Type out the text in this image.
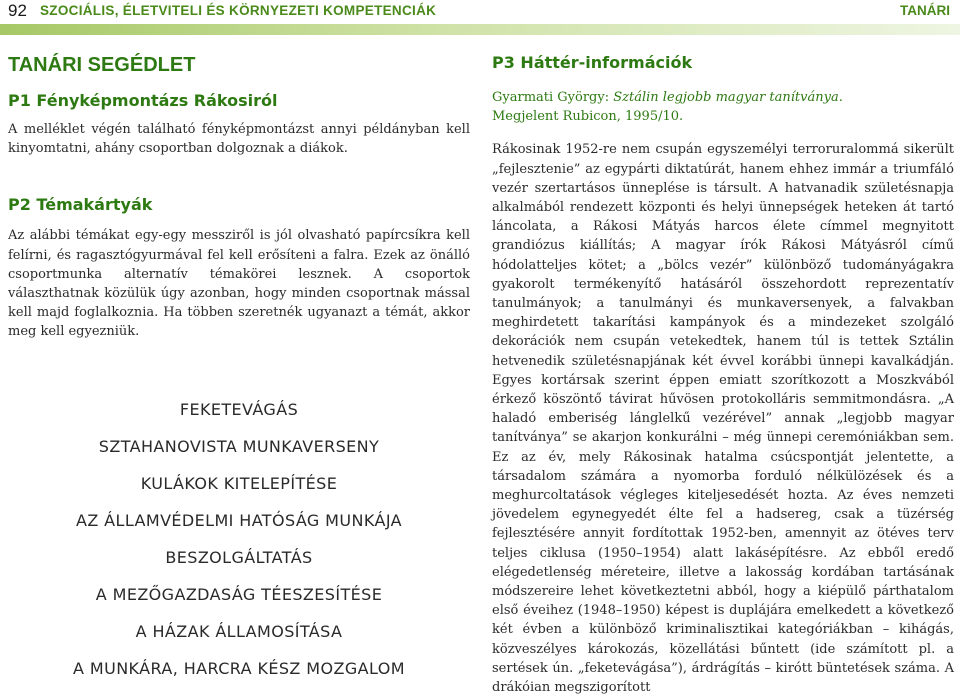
92 SZOCIÁLIS, ÉLETVITELI ÉS KÖRNYEZETI KOMPETENCIÁK	TANÁRI
TANÁRI SEGÉDLET
P1 Fényképmontázs Rákosiról

A melléklet végén található fényképmontázst annyi példányban kell kinyomtatni, ahány csoportban dolgoznak a diákok.

P2 Témakártyák

Az alábbi témákat egy-egy messziről is jól olvasható papírcsíkra kell felírni, és ragasztógyurmával fel kell erősíteni a falra. Ezek az önálló csoportmunka alternatív témakörei lesznek. A csoportok választhatnak közülük úgy azonban, hogy minden csoportnak mással kell majd foglalkoznia. Ha többen szeretnék ugyanazt a témát, akkor meg kell egyezniük.

FEKETEVÁGÁS
SZTAHANOVISTA MUNKAVERSENY
KULÁKOK KITELEPÍTÉSE
AZ ÁLLAMVÉDELMI HATÓSÁG MUNKÁJA
BESZOLGÁLTATÁS
A MEZŐGAZDASÁG TÉESZESÍTÉSE
A HÁZAK ÁLLAMOSÍTÁSA
A MUNKÁRA, HARCRA KÉSZ MOZGALOM
P3 Háttér-információk

Gyarmati György: Sztálin legjobb magyar tanítványa.
Megjelent Rubicon, 1995/10.

Rákosinak 1952-re nem csupán egyszemélyi terroruralommá sikerült „fejlesztenie” az egypárti diktatúrát, hanem ehhez immár a triumfáló vezér szertartásos ünneplése is társult. A hatvanadik születésnapja alkalmából rendezett központi és helyi ünnepségek heteken át tartó láncolata, a Rákosi Mátyás harcos élete címmel megnyitott grandiózus kiállítás; A magyar írók Rákosi Mátyásról című hódolatteljes kötet; a „bölcs vezér” különböző tudományágakra gyakorolt termékenyítő hatásáról összehordott reprezentatív tanulmányok; a tanulmányi és munkaversenyek, a falvakban meghirdetett takarítási kampányok és a mindezeket szolgáló dekorációk nem csupán vetekedtek, hanem túl is tettek Sztálin hetvenedik születésnapjának két évvel korábbi ünnepi kavalkádján. Egyes kortársak szerint éppen emiatt szorítkozott a Moszkvából érkező köszöntő távirat hűvösen protokolláris semmitmondásra. „A haladó emberiség lánglelkű vezérével” annak „legjobb magyar tanítványa” se akarjon konkurálni – még ünnepi ceremóniákban sem. Ez az év, mely Rákosinak hatalma csúcspontját jelentette, a társadalom számára a nyomorba forduló nélkülözések és a meghurcoltatások végleges kiteljesedését hozta. Az éves nemzeti jövedelem egynegyedét élte fel a hadsereg, csak a tüzérség fejlesztésére annyit fordítottak 1952-ben, amennyit az ötéves terv teljes ciklusa (1950–1954) alatt lakásépítésre. Az ebből eredő elégedetlenség méreteire, illetve a lakosság kordában tartásának módszereire lehet következtetni abból, hogy a kiépülő párthatalom első éveihez (1948–1950) képest is duplájára emelkedett a következő két évben a különböző kriminalisztikai kategóriákban – kihágás, közveszélyes károkozás, közellátási bűntett (ide számított pl. a sertések ún. „feketevágása”), árdrágítás – kirótt büntetések száma. A drákóian megszigorított
